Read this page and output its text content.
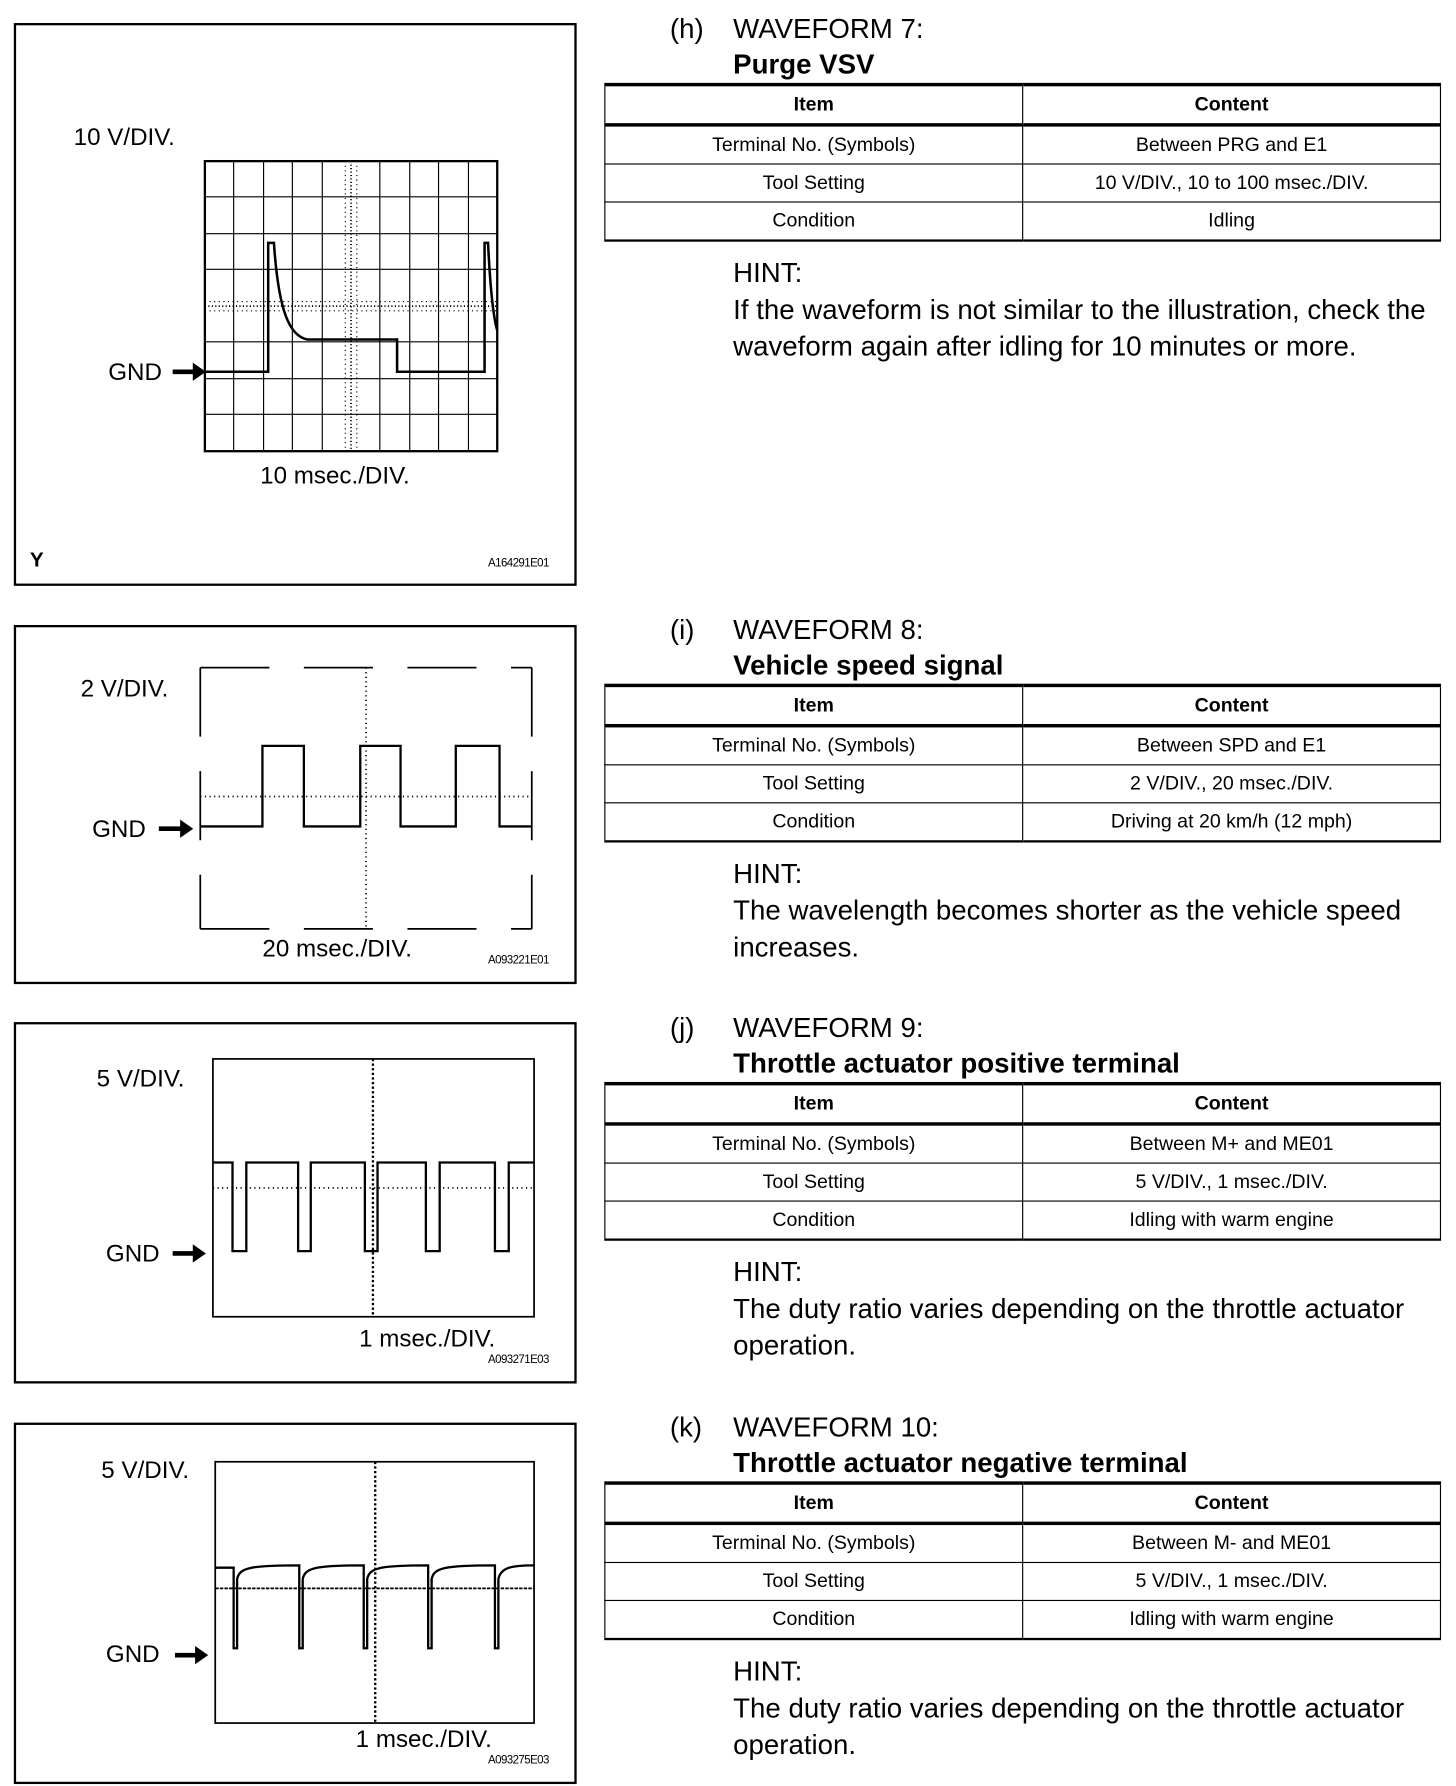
10 V/DIV.
GND
10 msec./DIV.
Y	A164291E01
2 V/DIV.
GND
20 msec./DIV.	A093221E01
5 V/DIV.
GND
1 msec./DIV.
A093271E03
5 V/DIV.
GND
1 msec./DIV.
A093275E03
(h) WAVEFORM 7:
Purge VSV
Item	Content
Terminal No. (Symbols)	Between PRG and E1
Tool Setting	10 V/DIV., 10 to 100 msec./DIV.
Condition	Idling
HINT:
If the waveform is not similar to the illustration, check the waveform again after idling for 10 minutes or more.
(i) WAVEFORM 8:
Vehicle speed signal
Item	Content
Terminal No. (Symbols)	Between SPD and E1
Tool Setting	2 V/DIV., 20 msec./DIV.
Condition	Driving at 20 km/h (12 mph)
HINT:
The wavelength becomes shorter as the vehicle speed increases.
(j) WAVEFORM 9:
Throttle actuator positive terminal
Item	Content
Terminal No. (Symbols)	Between M+ and ME01
Tool Setting	5 V/DIV., 1 msec./DIV.
Condition	Idling with warm engine
HINT:
The duty ratio varies depending on the throttle actuator operation.
(k) WAVEFORM 10:
Throttle actuator negative terminal
Item	Content
Terminal No. (Symbols)	Between M- and ME01
Tool Setting	5 V/DIV., 1 msec./DIV.
Condition	Idling with warm engine
HINT:
The duty ratio varies depending on the throttle actuator operation.
